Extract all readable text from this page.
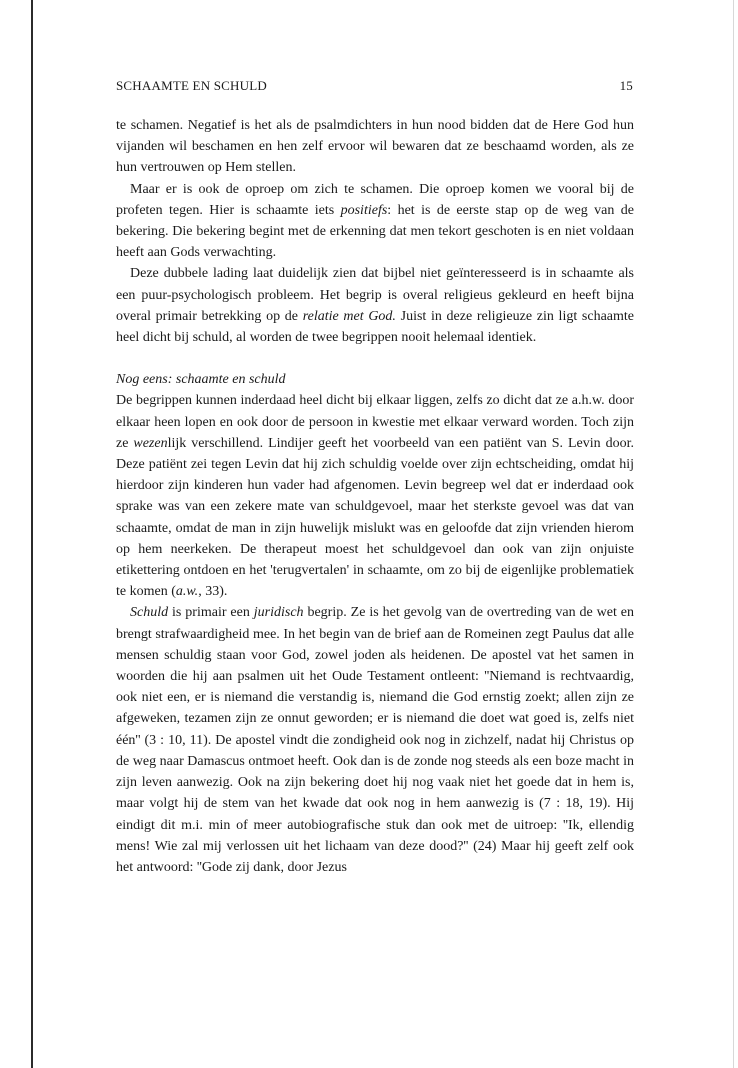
SCHAAMTE EN SCHULD	15

te schamen. Negatief is het als de psalmdichters in hun nood bidden dat de Here God hun vijanden wil beschamen en hen zelf ervoor wil bewaren dat ze beschaamd worden, als ze hun vertrouwen op Hem stellen.

Maar er is ook de oproep om zich te schamen. Die oproep komen we vooral bij de profeten tegen. Hier is schaamte iets positiefs: het is de eerste stap op de weg van de bekering. Die bekering begint met de erkenning dat men tekort geschoten is en niet voldaan heeft aan Gods verwachting.

Deze dubbele lading laat duidelijk zien dat bijbel niet geïnteresseerd is in schaamte als een puur-psychologisch probleem. Het begrip is overal religieus gekleurd en heeft bijna overal primair betrekking op de relatie met God. Juist in deze religieuze zin ligt schaamte heel dicht bij schuld, al worden de twee begrippen nooit helemaal identiek.

Nog eens: schaamte en schuld

De begrippen kunnen inderdaad heel dicht bij elkaar liggen, zelfs zo dicht dat ze a.h.w. door elkaar heen lopen en ook door de persoon in kwestie met elkaar verward worden. Toch zijn ze wezenlijk verschillend. Lindijer geeft het voorbeeld van een patiënt van S. Levin door. Deze patiënt zei tegen Levin dat hij zich schuldig voelde over zijn echtscheiding, omdat hij hierdoor zijn kinderen hun vader had afgenomen. Levin begreep wel dat er inderdaad ook sprake was van een zekere mate van schuldgevoel, maar het sterkste gevoel was dat van schaamte, omdat de man in zijn huwelijk mislukt was en geloofde dat zijn vrienden hierom op hem neerkeken. De therapeut moest het schuldgevoel dan ook van zijn onjuiste etikettering ontdoen en het 'terugvertalen' in schaamte, om zo bij de eigenlijke problematiek te komen (a.w., 33).

Schuld is primair een juridisch begrip. Ze is het gevolg van de overtreding van de wet en brengt strafwaardigheid mee. In het begin van de brief aan de Romeinen zegt Paulus dat alle mensen schuldig staan voor God, zowel joden als heidenen. De apostel vat het samen in woorden die hij aan psalmen uit het Oude Testament ontleent: ''Niemand is rechtvaardig, ook niet een, er is niemand die verstandig is, niemand die God ernstig zoekt; allen zijn ze afgeweken, tezamen zijn ze onnut geworden; er is niemand die doet wat goed is, zelfs niet één'' (3 : 10, 11). De apostel vindt die zondigheid ook nog in zichzelf, nadat hij Christus op de weg naar Damascus ontmoet heeft. Ook dan is de zonde nog steeds als een boze macht in zijn leven aanwezig. Ook na zijn bekering doet hij nog vaak niet het goede dat in hem is, maar volgt hij de stem van het kwade dat ook nog in hem aanwezig is (7 : 18, 19). Hij eindigt dit m.i. min of meer autobiografische stuk dan ook met de uitroep: ''Ik, ellendig mens! Wie zal mij verlossen uit het lichaam van deze dood?'' (24) Maar hij geeft zelf ook het antwoord: ''Gode zij dank, door Jezus
